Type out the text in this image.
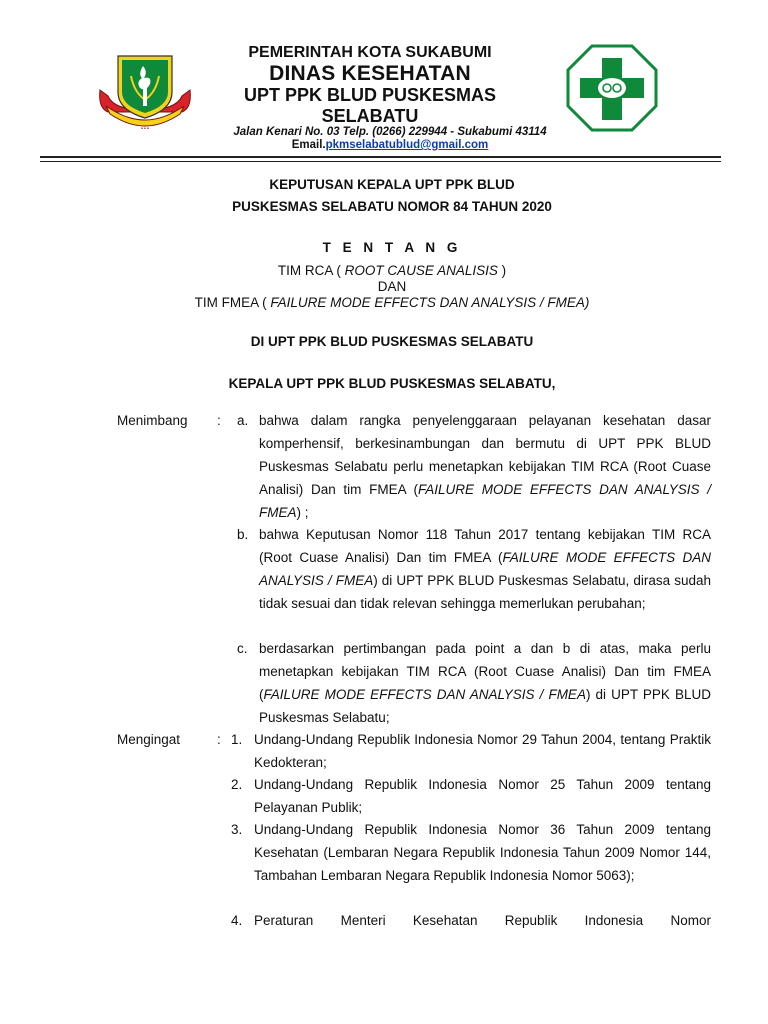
•••
PEMERINTAH KOTA SUKABUMI
DINAS KESEHATAN
UPT PPK BLUD PUSKESMAS
SELABATU
Jalan Kenari No. 03 Telp. (0266) 229944 - Sukabumi 43114
Email.pkmselabatublud@gmail.com
KEPUTUSAN KEPALA UPT PPK BLUD
PUSKESMAS SELABATU NOMOR 84 TAHUN 2020
T E N T A N G
TIM RCA ( ROOT CAUSE ANALISIS )
DAN
TIM FMEA ( FAILURE MODE EFFECTS DAN ANALYSIS / FMEA)
DI UPT PPK BLUD PUSKESMAS SELABATU
KEPALA UPT PPK BLUD PUSKESMAS SELABATU,
Menimbang : a. bahwa dalam rangka penyelenggaraan pelayanan kesehatan dasar komperhensif, berkesinambungan dan bermutu di UPT PPK BLUD Puskesmas Selabatu perlu menetapkan kebijakan TIM RCA (Root Cuase Analisi) Dan tim FMEA (FAILURE MODE EFFECTS DAN ANALYSIS / FMEA) ;
b. bahwa Keputusan Nomor 118 Tahun 2017 tentang kebijakan TIM RCA (Root Cuase Analisi) Dan tim FMEA (FAILURE MODE EFFECTS DAN ANALYSIS / FMEA) di UPT PPK BLUD Puskesmas Selabatu, dirasa sudah tidak sesuai dan tidak relevan sehingga memerlukan perubahan;
c. berdasarkan pertimbangan pada point a dan b di atas, maka perlu menetapkan kebijakan TIM RCA (Root Cuase Analisi) Dan tim FMEA (FAILURE MODE EFFECTS DAN ANALYSIS / FMEA) di UPT PPK BLUD Puskesmas Selabatu;
Mengingat	: 1. Undang-Undang Republik Indonesia Nomor 29 Tahun 2004, tentang Praktik Kedokteran;
2. Undang-Undang Republik Indonesia Nomor 25 Tahun 2009 tentang Pelayanan Publik;
3. Undang-Undang Republik Indonesia Nomor 36 Tahun 2009 tentang Kesehatan (Lembaran Negara Republik Indonesia Tahun 2009 Nomor 144, Tambahan Lembaran Negara Republik Indonesia Nomor 5063);
4. Peraturan Menteri Kesehatan Republik Indonesia Nomor
